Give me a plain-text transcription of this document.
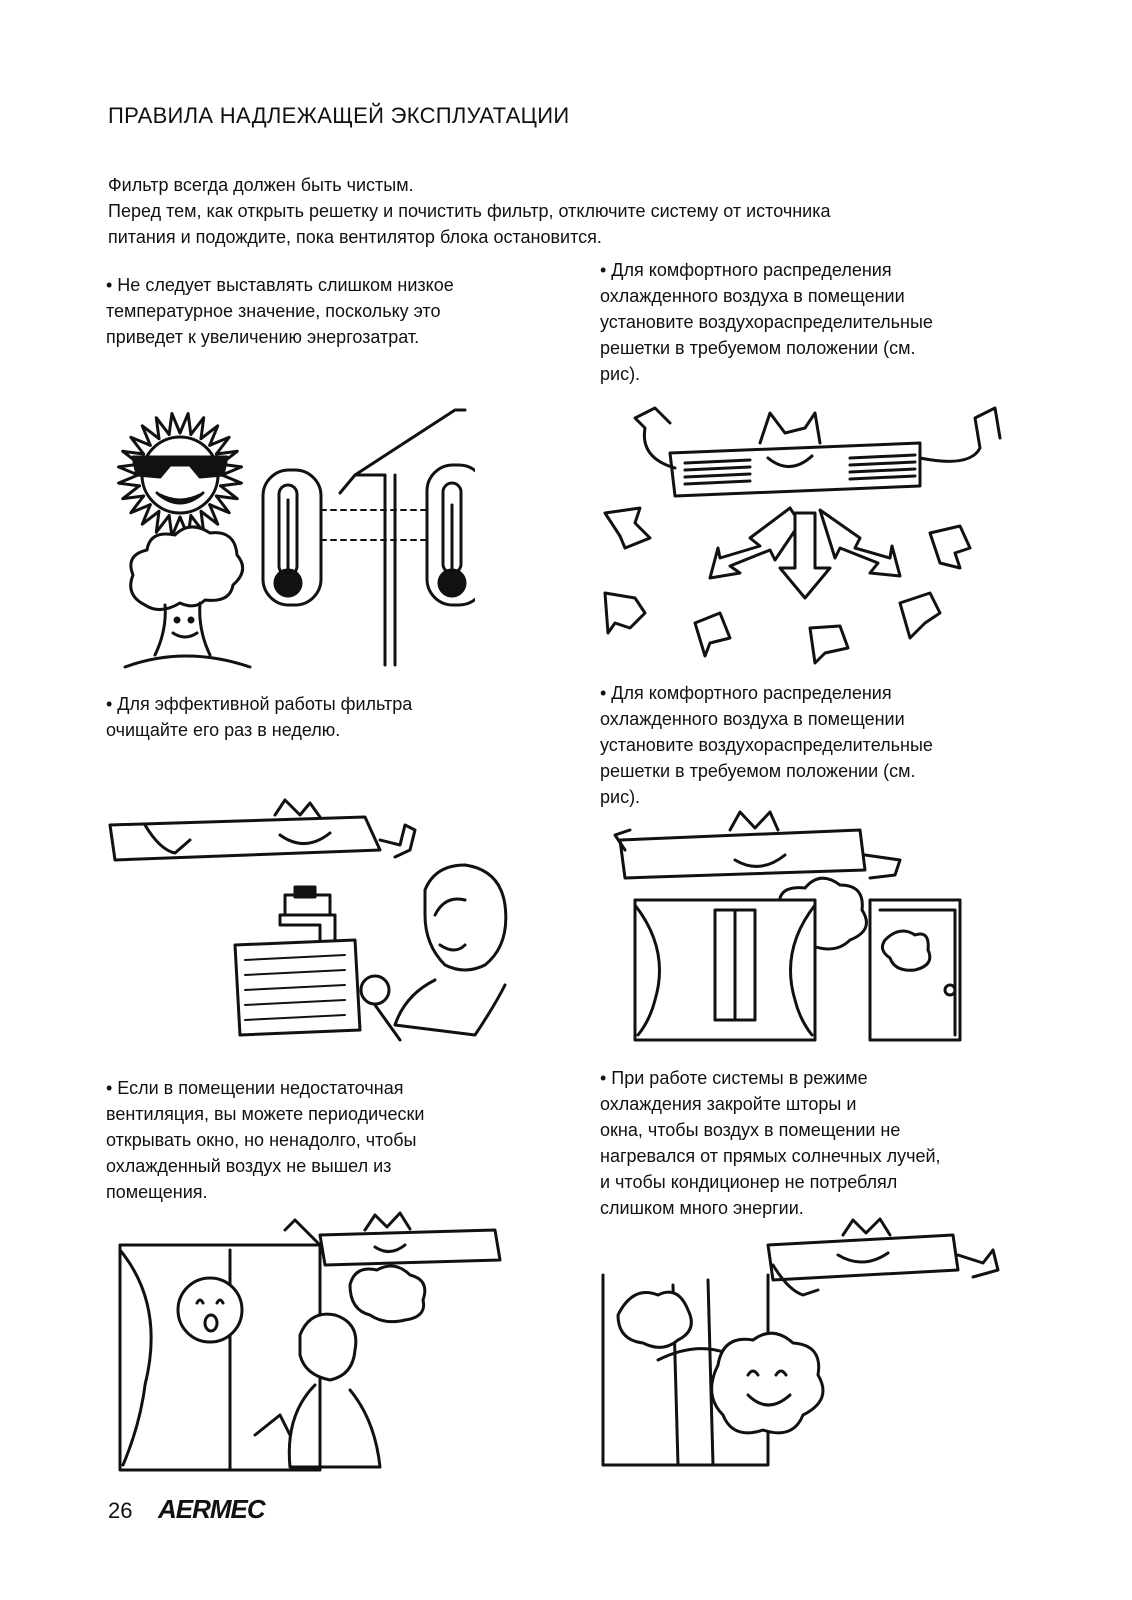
ПРАВИЛА НАДЛЕЖАЩЕЙ ЭКСПЛУАТАЦИИ
Фильтр всегда должен быть чистым.
Перед тем, как открыть решетку и почистить фильтр, отключите систему от источника
питания и подождите, пока вентилятор блока остановится.
• Не следует выставлять слишком низкое
температурное значение, поскольку это
приведет к увеличению энергозатрат.
• Для комфортного распределения
охлажденного воздуха в помещении
установите воздухораспределительные
решетки в требуемом положении (см.
рис).
• Для эффективной работы фильтра
очищайте его раз в неделю.
• Для комфортного распределения
охлажденного воздуха в помещении
установите воздухораспределительные
решетки в требуемом положении (см.
рис).
• Если в помещении недостаточная
вентиляция, вы можете периодически
открывать окно, но ненадолго, чтобы
охлажденный воздух не вышел из
помещения.
• При работе системы в режиме
охлаждения закройте шторы и
окна, чтобы воздух в помещении не
нагревался от прямых солнечных лучей,
и чтобы кондиционер не потреблял
слишком много энергии.
26 AERMEC
